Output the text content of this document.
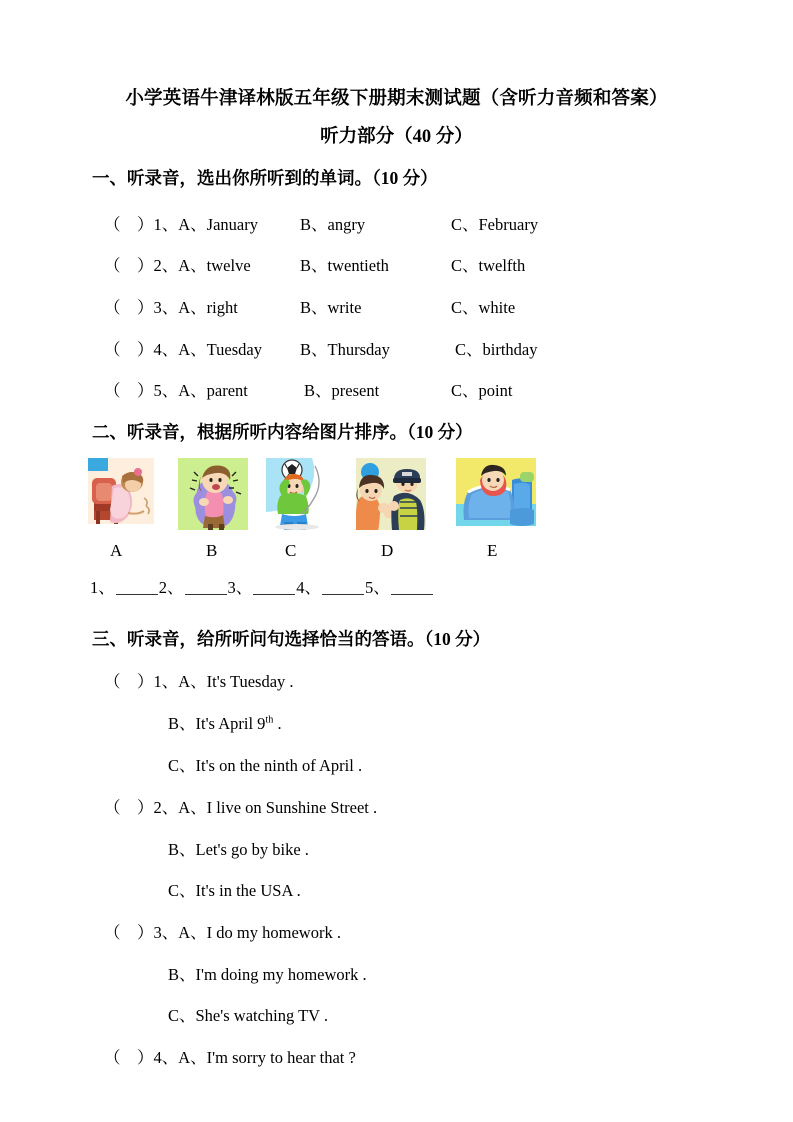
小学英语牛津译林版五年级下册期末测试题（含听力音频和答案）
听力部分（40 分）
一、听录音，选出你所听到的单词。（10 分）
（　）1、A、January	B、angry	C、February
（　）2、A、twelve	B、twentieth	C、twelfth
（　）3、A、right	B、write	C、white
（　）4、A、Tuesday B、Thursday	C、birthday
（　）5、A、parent	B、present	C、point
二、听录音，根据所听内容给图片排序。（10 分）
A	B	C	D	E
1、	2、	3、	4、	5、
三、听录音，给所听问句选择恰当的答语。（10 分）
（　）1、A、It's Tuesday .
B、It's April 9th .
C、It's on the ninth of April .
（　）2、A、I live on Sunshine Street .
B、Let's go by bike .
C、It's in the USA .
（　）3、A、I do my homework .
B、I'm doing my homework .
C、She's watching TV .
（　）4、A、I'm sorry to hear that ?
